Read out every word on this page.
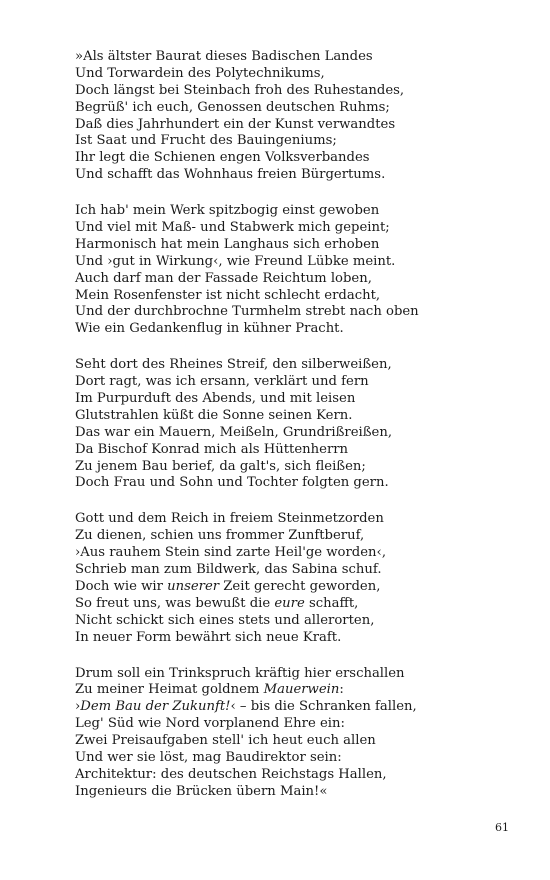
»Als ältster Baurat dieses Badischen Landes
Und Torwardein des Polytechnikums,
Doch längst bei Steinbach froh des Ruhestandes,
Begrüß' ich euch, Genossen deutschen Ruhms;
Daß dies Jahrhundert ein der Kunst verwandtes
Ist Saat und Frucht des Bauingeniums;
Ihr legt die Schienen engen Volksverbandes
Und schafft das Wohnhaus freien Bürgertums.
Ich hab' mein Werk spitzbogig einst gewoben
Und viel mit Maß- und Stabwerk mich gepeint;
Harmonisch hat mein Langhaus sich erhoben
Und ›gut in Wirkung‹, wie Freund Lübke meint.
Auch darf man der Fassade Reichtum loben,
Mein Rosenfenster ist nicht schlecht erdacht,
Und der durchbrochne Turmhelm strebt nach oben
Wie ein Gedankenflug in kühner Pracht.
Seht dort des Rheines Streif, den silberweißen,
Dort ragt, was ich ersann, verklärt und fern
Im Purpurduft des Abends, und mit leisen
Glutstrahlen küßt die Sonne seinen Kern.
Das war ein Mauern, Meißeln, Grundrißreißen,
Da Bischof Konrad mich als Hüttenherrn
Zu jenem Bau berief, da galt's, sich fleißen;
Doch Frau und Sohn und Tochter folgten gern.
Gott und dem Reich in freiem Steinmetzorden
Zu dienen, schien uns frommer Zunftberuf,
›Aus rauhem Stein sind zarte Heil'ge worden‹,
Schrieb man zum Bildwerk, das Sabina schuf.
Doch wie wir unserer Zeit gerecht geworden,
So freut uns, was bewußt die eure schafft,
Nicht schickt sich eines stets und allerorten,
In neuer Form bewährt sich neue Kraft.
Drum soll ein Trinkspruch kräftig hier erschallen
Zu meiner Heimat goldnem Mauerwein:
›Dem Bau der Zukunft!‹ – bis die Schranken fallen,
Leg' Süd wie Nord vorplanend Ehre ein:
Zwei Preisaufgaben stell' ich heut euch allen
Und wer sie löst, mag Baudirektor sein:
Architektur: des deutschen Reichstags Hallen,
Ingenieurs die Brücken übern Main!«
61
